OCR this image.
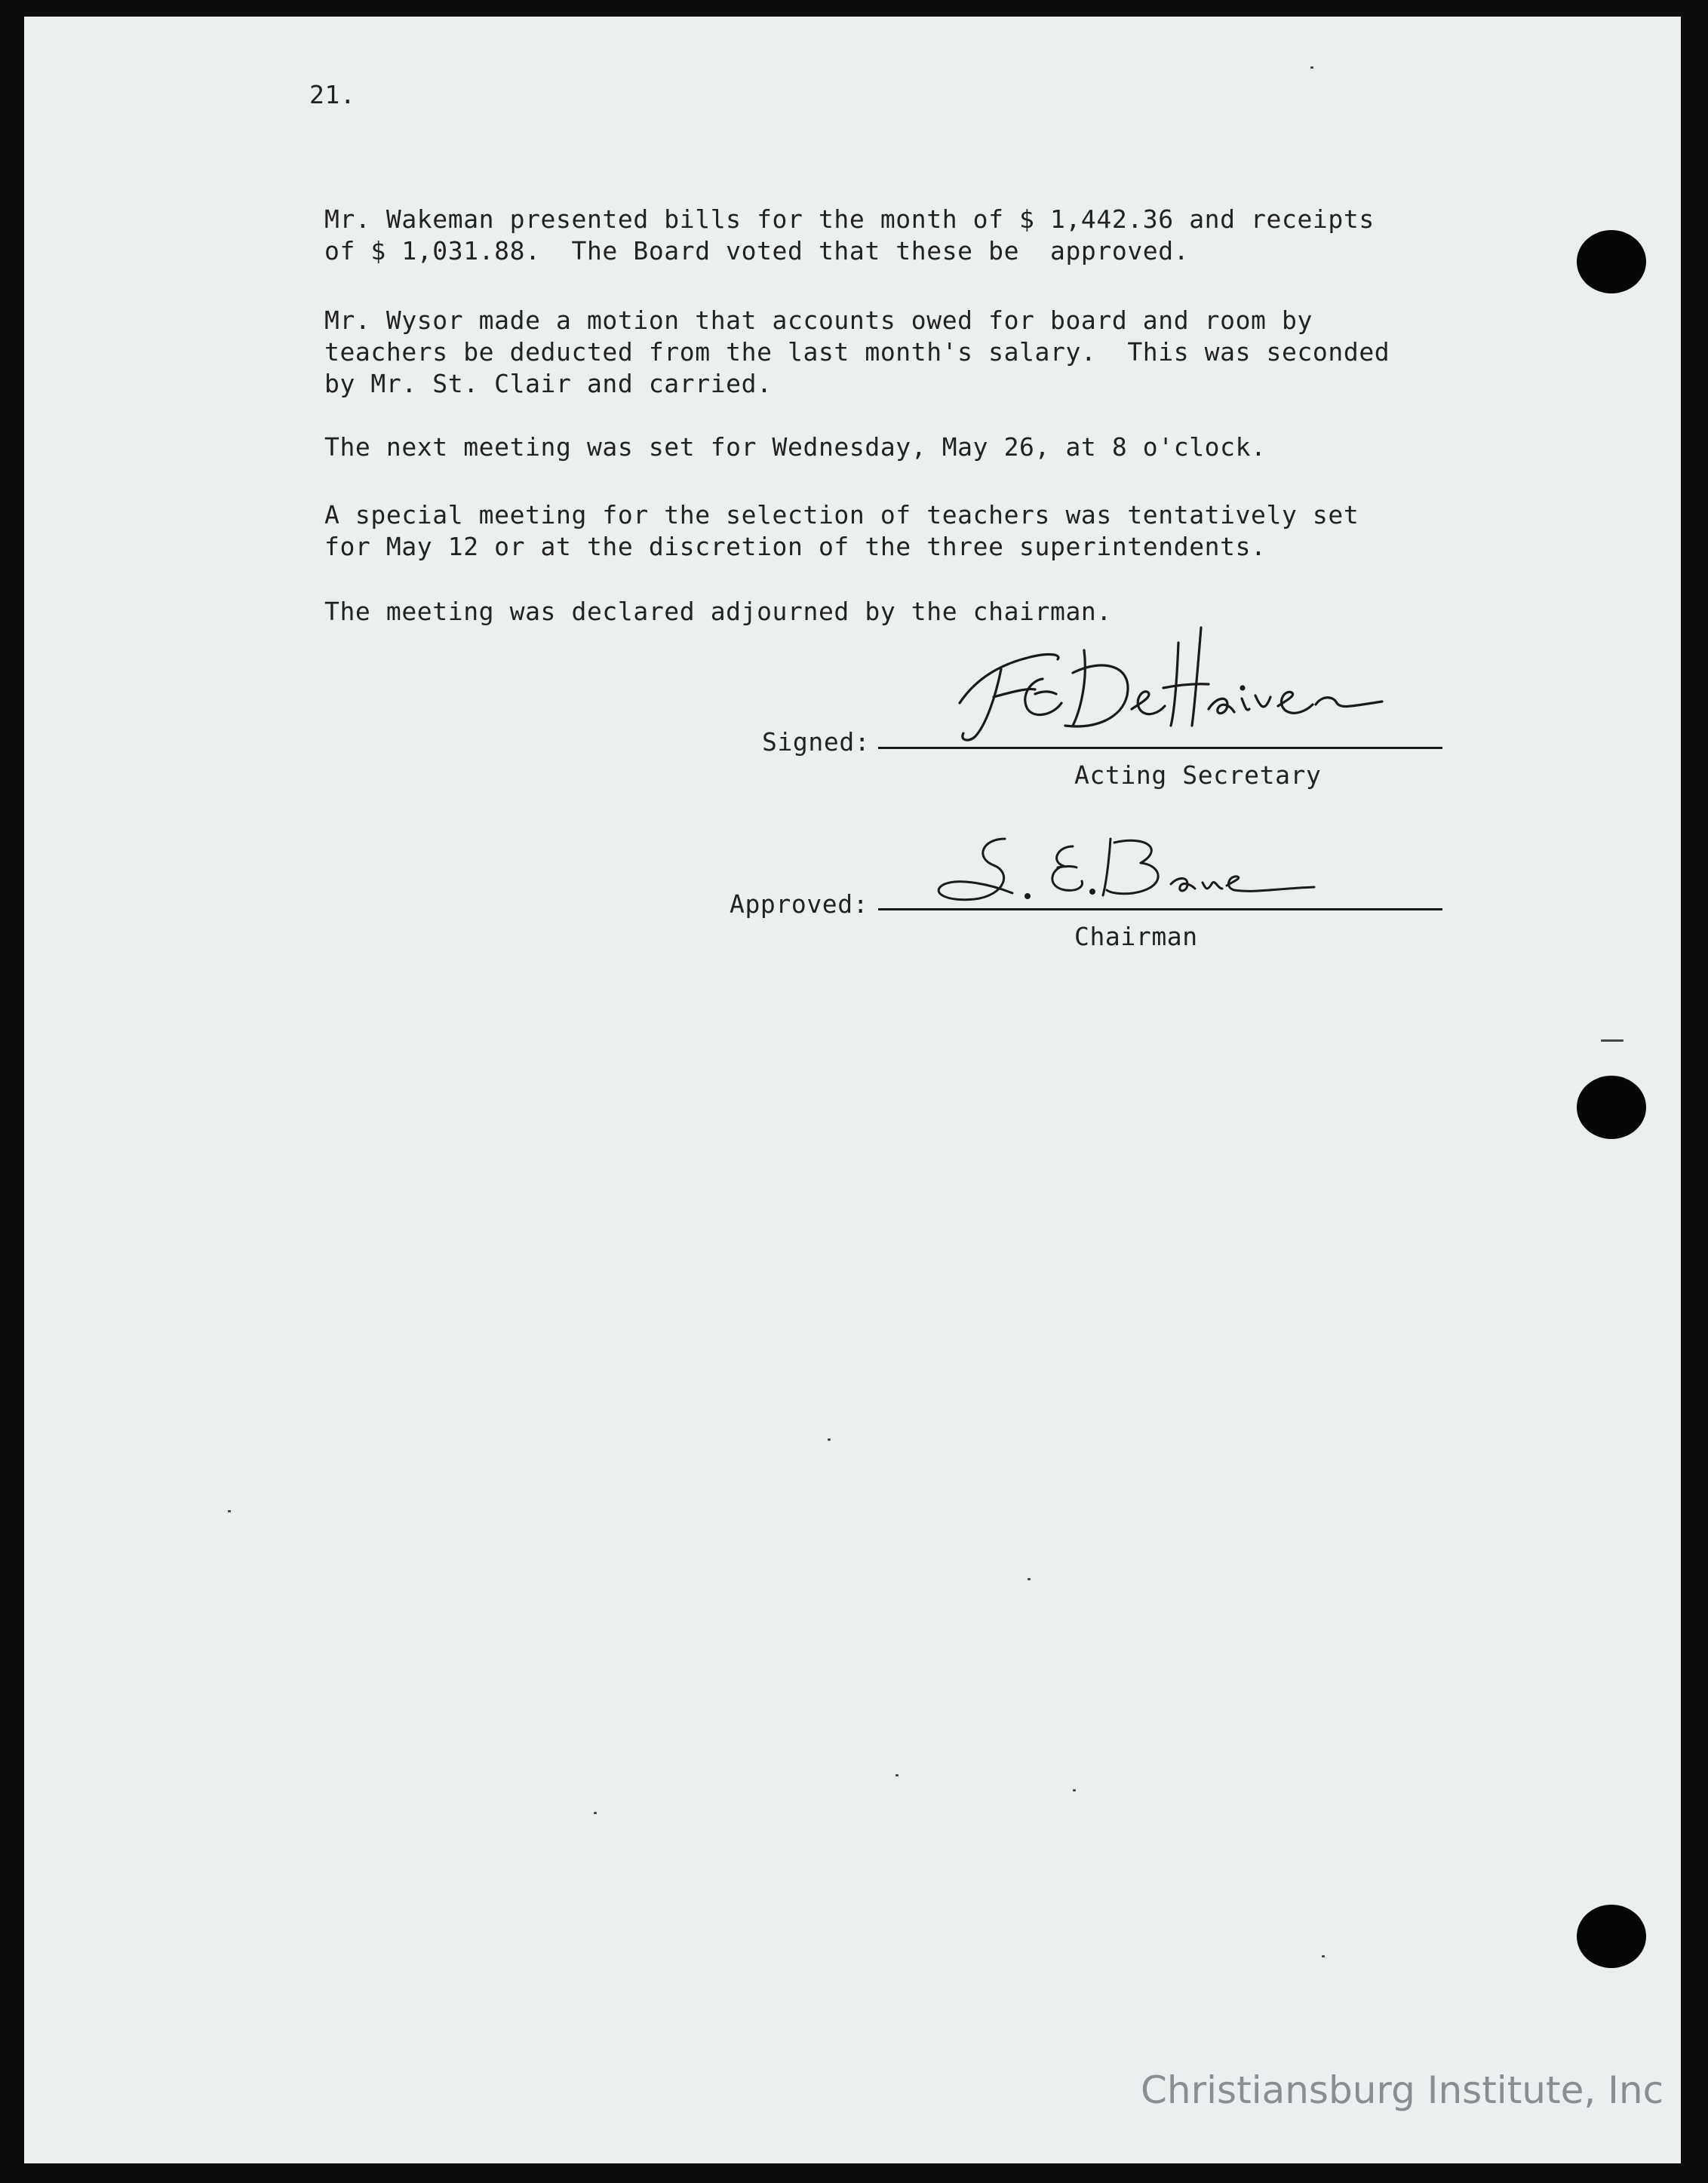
21.

Mr. Wakeman presented bills for the month of $ 1,442.36 and receipts
of $ 1,031.88.  The Board voted that these be  approved.

Mr. Wysor made a motion that accounts owed for board and room by
teachers be deducted from the last month's salary.  This was seconded
by Mr. St. Clair and carried.

The next meeting was set for Wednesday, May 26, at 8 o'clock.

A special meeting for the selection of teachers was tentatively set
for May 12 or at the discretion of the three superintendents.

The meeting was declared adjourned by the chairman.

Signed:

Acting Secretary

Approved:

Chairman

Christiansburg Institute, Inc
